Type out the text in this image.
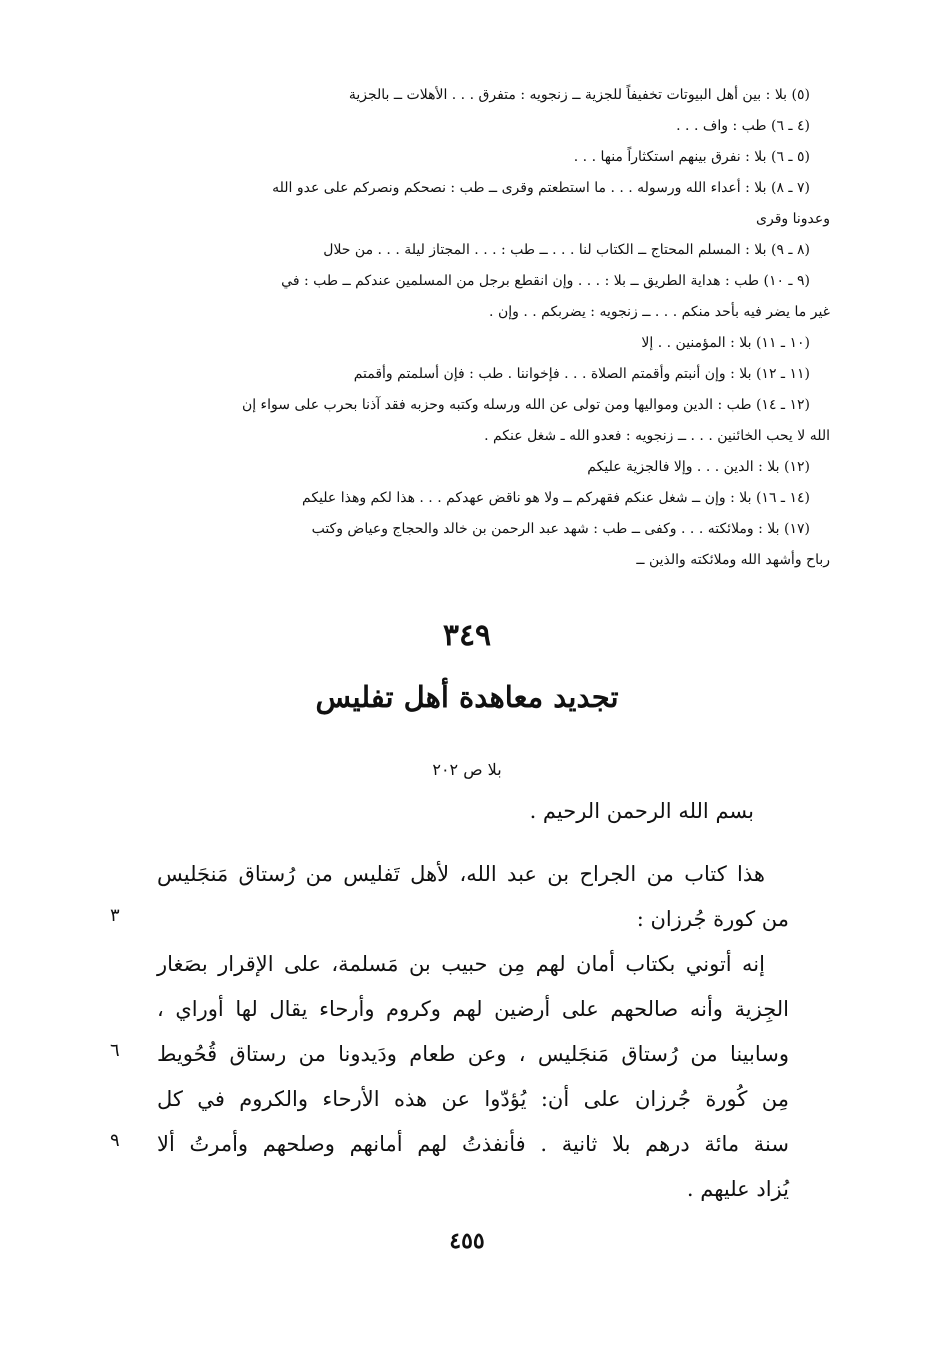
(٥) بلا : بين أهل البيوتات تخفيفاً للجزية ــ زنجويه : متفرق . . . الأهلات ــ بالجزية
(٤ ـ ٦) طب : واف . . .
(٥ ـ ٦) بلا : نفرق بينهم استكثاراً منها . . .
(٧ ـ ٨) بلا : أعداء الله ورسوله . . . ما استطعتم وقرى ــ طب : نصحكم ونصركم على عدو الله
وعدونا وقرى
(٨ ـ ٩) بلا : المسلم المحتاج ــ الكتاب لنا . . . ــ طب : . . . المجتاز ليلة . . . من حلال
(٩ ـ ١٠) طب : هداية الطريق ــ بلا : . . . وإن انقطع برجل من المسلمين عندكم ــ طب : في
غير ما يضر فيه بأحد منكم . . . ــ زنجويه : يضربكم . . وإن .
(١٠ ـ ١١) بلا : المؤمنين . . إلا
(١١ ـ ١٢) بلا : وإن أنبتم وأقمتم الصلاة . . . فإخواننا . طب : فإن أسلمتم وأقمتم
(١٢ ـ ١٤) طب : الدين ومواليها ومن تولى عن الله ورسله وكتبه وحزبه فقد آذنا بحرب على سواء إن
الله لا يحب الخائنين . . . ــ زنجويه : فعدو الله ـ شغل عنكم .
(١٢) بلا : الدين . . . وإلا فالجزية عليكم
(١٤ ـ ١٦) بلا : وإن ــ شغل عنكم فقهركم ــ ولا هو ناقض عهدكم . . . هذا لكم وهذا عليكم
(١٧) بلا : وملائكته . . . وكفى ــ طب : شهد عبد الرحمن بن خالد والحجاج وعياض وكتب
رباح وأشهد الله وملائكته والذين ــ
٣٤٩
تجديد معاهدة أهل تفليس
بلا ص ٢٠٢
بسم الله الرحمن الرحيم .
هذا كتاب من الجراح بن عبد الله، لأهل تَفليس من رُستاق مَنجَليس
من كورة جُرزان :
إنه أتوني بكتاب أمان لهم مِن حبيب بن مَسلمة، على الإقرار بصَغار
الجِزية وأنه صالحهم على أرضين لهم وكروم وأرحاء يقال لها أوراي ،
وسابينا من رُستاق مَنجَليس ، وعن طعام ودَيدونا من رستاق قُحُويط
مِن كُورة جُرزان على أن: يُؤدّوا عن هذه الأرحاء والكروم في كل
سنة مائة درهم بلا ثانية . فأنفذتُ لهم أمانهم وصلحهم وأمرتُ ألا
يُزاد عليهم .
٤٥٥
٣
٦
٩
